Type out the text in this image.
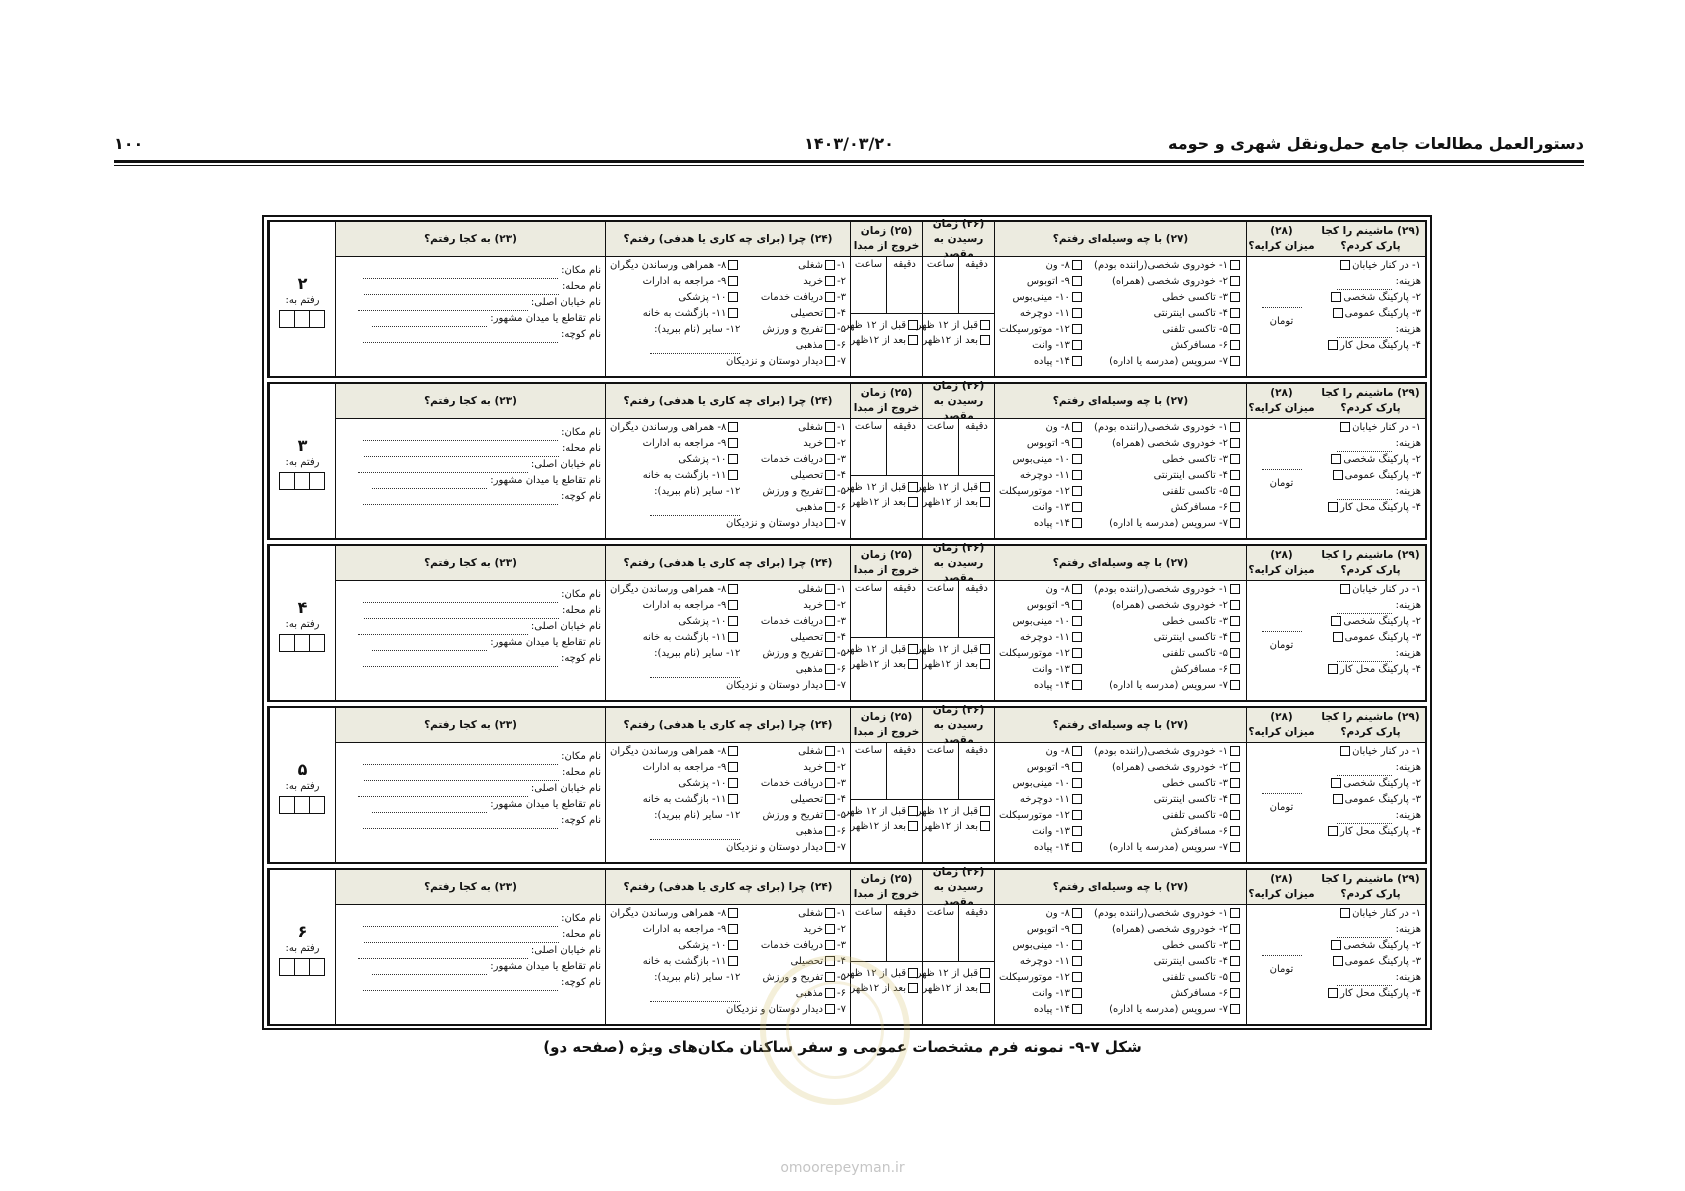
دستورالعمل مطالعات جامع حمل‌ونقل شهری و حومه
۱۴۰۳/۰۳/۲۰
۱۰۰
۲
رفتم به:
(۲۳) به کجا رفتم؟
نام مکان:
نام محله:
نام خیابان اصلی:
نام تقاطع یا میدان مشهور:
نام کوچه:
(۲۴) چرا (برای چه کاری یا هدفی) رفتم؟
۱-شغلی
۲-خرید
۳-دریافت خدمات
۴-تحصیلی
۵-تفریح و ورزش
۶-مذهبی
۸- همراهی ورساندن دیگران
۹- مراجعه به ادارات
۱۰- پزشکی
۱۱- بازگشت به خانه
۱۲- سایر (نام ببرید):
۷-دیدار دوستان و نزدیکان
(۲۵) زمان
خروج از مبدا
دقیقه
ساعت
قبل از ۱۲ ظهر
بعد از ۱۲ظهر
(۲۶) زمان
رسیدن به مقصد
دقیقه
ساعت
قبل از ۱۲ ظهر
بعد از ۱۲ظهر
(۲۷) با چه وسیله‌ای رفتم؟
۱- خودروی شخصی(رانندە بودم)
۲- خودروی شخصی (همراه)
۳- تاکسی خطی
۴- تاکسی اینترنتی
۵- تاکسی تلفنی
۶- مسافرکش
۷- سرویس (مدرسه یا اداره)
۸- ون
۹- اتوبوس
۱۰- مینی‌بوس
۱۱- دوچرخه
۱۲- موتورسیکلت
۱۳- وانت
۱۴- پیاده
(۲۸)
میزان کرایه؟
تومان
(۲۹) ماشینم را کجا
پارک کردم؟
۱- در کنار خیابان
هزینه:
۲- پارکینگ شخصی
۳- پارکینگ عمومی
هزینه:
۴- پارکینگ محل کار
۳
رفتم به:
(۲۳) به کجا رفتم؟
نام مکان:
نام محله:
نام خیابان اصلی:
نام تقاطع یا میدان مشهور:
نام کوچه:
(۲۴) چرا (برای چه کاری یا هدفی) رفتم؟
۱-شغلی
۲-خرید
۳-دریافت خدمات
۴-تحصیلی
۵-تفریح و ورزش
۶-مذهبی
۸- همراهی ورساندن دیگران
۹- مراجعه به ادارات
۱۰- پزشکی
۱۱- بازگشت به خانه
۱۲- سایر (نام ببرید):
۷-دیدار دوستان و نزدیکان
(۲۵) زمان
خروج از مبدا
دقیقه
ساعت
قبل از ۱۲ ظهر
بعد از ۱۲ظهر
(۲۶) زمان
رسیدن به مقصد
دقیقه
ساعت
قبل از ۱۲ ظهر
بعد از ۱۲ظهر
(۲۷) با چه وسیله‌ای رفتم؟
۱- خودروی شخصی(رانندە بودم)
۲- خودروی شخصی (همراه)
۳- تاکسی خطی
۴- تاکسی اینترنتی
۵- تاکسی تلفنی
۶- مسافرکش
۷- سرویس (مدرسه یا اداره)
۸- ون
۹- اتوبوس
۱۰- مینی‌بوس
۱۱- دوچرخه
۱۲- موتورسیکلت
۱۳- وانت
۱۴- پیاده
(۲۸)
میزان کرایه؟
تومان
(۲۹) ماشینم را کجا
پارک کردم؟
۱- در کنار خیابان
هزینه:
۲- پارکینگ شخصی
۳- پارکینگ عمومی
هزینه:
۴- پارکینگ محل کار
۴
رفتم به:
(۲۳) به کجا رفتم؟
نام مکان:
نام محله:
نام خیابان اصلی:
نام تقاطع یا میدان مشهور:
نام کوچه:
(۲۴) چرا (برای چه کاری یا هدفی) رفتم؟
۱-شغلی
۲-خرید
۳-دریافت خدمات
۴-تحصیلی
۵-تفریح و ورزش
۶-مذهبی
۸- همراهی ورساندن دیگران
۹- مراجعه به ادارات
۱۰- پزشکی
۱۱- بازگشت به خانه
۱۲- سایر (نام ببرید):
۷-دیدار دوستان و نزدیکان
(۲۵) زمان
خروج از مبدا
دقیقه
ساعت
قبل از ۱۲ ظهر
بعد از ۱۲ظهر
(۲۶) زمان
رسیدن به مقصد
دقیقه
ساعت
قبل از ۱۲ ظهر
بعد از ۱۲ظهر
(۲۷) با چه وسیله‌ای رفتم؟
۱- خودروی شخصی(رانندە بودم)
۲- خودروی شخصی (همراه)
۳- تاکسی خطی
۴- تاکسی اینترنتی
۵- تاکسی تلفنی
۶- مسافرکش
۷- سرویس (مدرسه یا اداره)
۸- ون
۹- اتوبوس
۱۰- مینی‌بوس
۱۱- دوچرخه
۱۲- موتورسیکلت
۱۳- وانت
۱۴- پیاده
(۲۸)
میزان کرایه؟
تومان
(۲۹) ماشینم را کجا
پارک کردم؟
۱- در کنار خیابان
هزینه:
۲- پارکینگ شخصی
۳- پارکینگ عمومی
هزینه:
۴- پارکینگ محل کار
۵
رفتم به:
(۲۳) به کجا رفتم؟
نام مکان:
نام محله:
نام خیابان اصلی:
نام تقاطع یا میدان مشهور:
نام کوچه:
(۲۴) چرا (برای چه کاری یا هدفی) رفتم؟
۱-شغلی
۲-خرید
۳-دریافت خدمات
۴-تحصیلی
۵-تفریح و ورزش
۶-مذهبی
۸- همراهی ورساندن دیگران
۹- مراجعه به ادارات
۱۰- پزشکی
۱۱- بازگشت به خانه
۱۲- سایر (نام ببرید):
۷-دیدار دوستان و نزدیکان
(۲۵) زمان
خروج از مبدا
دقیقه
ساعت
قبل از ۱۲ ظهر
بعد از ۱۲ظهر
(۲۶) زمان
رسیدن به مقصد
دقیقه
ساعت
قبل از ۱۲ ظهر
بعد از ۱۲ظهر
(۲۷) با چه وسیله‌ای رفتم؟
۱- خودروی شخصی(رانندە بودم)
۲- خودروی شخصی (همراه)
۳- تاکسی خطی
۴- تاکسی اینترنتی
۵- تاکسی تلفنی
۶- مسافرکش
۷- سرویس (مدرسه یا اداره)
۸- ون
۹- اتوبوس
۱۰- مینی‌بوس
۱۱- دوچرخه
۱۲- موتورسیکلت
۱۳- وانت
۱۴- پیاده
(۲۸)
میزان کرایه؟
تومان
(۲۹) ماشینم را کجا
پارک کردم؟
۱- در کنار خیابان
هزینه:
۲- پارکینگ شخصی
۳- پارکینگ عمومی
هزینه:
۴- پارکینگ محل کار
۶
رفتم به:
(۲۳) به کجا رفتم؟
نام مکان:
نام محله:
نام خیابان اصلی:
نام تقاطع یا میدان مشهور:
نام کوچه:
(۲۴) چرا (برای چه کاری یا هدفی) رفتم؟
۱-شغلی
۲-خرید
۳-دریافت خدمات
۴-تحصیلی
۵-تفریح و ورزش
۶-مذهبی
۸- همراهی ورساندن دیگران
۹- مراجعه به ادارات
۱۰- پزشکی
۱۱- بازگشت به خانه
۱۲- سایر (نام ببرید):
۷-دیدار دوستان و نزدیکان
(۲۵) زمان
خروج از مبدا
دقیقه
ساعت
قبل از ۱۲ ظهر
بعد از ۱۲ظهر
(۲۶) زمان
رسیدن به مقصد
دقیقه
ساعت
قبل از ۱۲ ظهر
بعد از ۱۲ظهر
(۲۷) با چه وسیله‌ای رفتم؟
۱- خودروی شخصی(رانندە بودم)
۲- خودروی شخصی (همراه)
۳- تاکسی خطی
۴- تاکسی اینترنتی
۵- تاکسی تلفنی
۶- مسافرکش
۷- سرویس (مدرسه یا اداره)
۸- ون
۹- اتوبوس
۱۰- مینی‌بوس
۱۱- دوچرخه
۱۲- موتورسیکلت
۱۳- وانت
۱۴- پیاده
(۲۸)
میزان کرایه؟
تومان
(۲۹) ماشینم را کجا
پارک کردم؟
۱- در کنار خیابان
هزینه:
۲- پارکینگ شخصی
۳- پارکینگ عمومی
هزینه:
۴- پارکینگ محل کار
شکل ۷-۹- نمونه فرم مشخصات عمومی و سفر ساکنان مکان‌های ویژه (صفحه دو)
omoorepeyman.ir
